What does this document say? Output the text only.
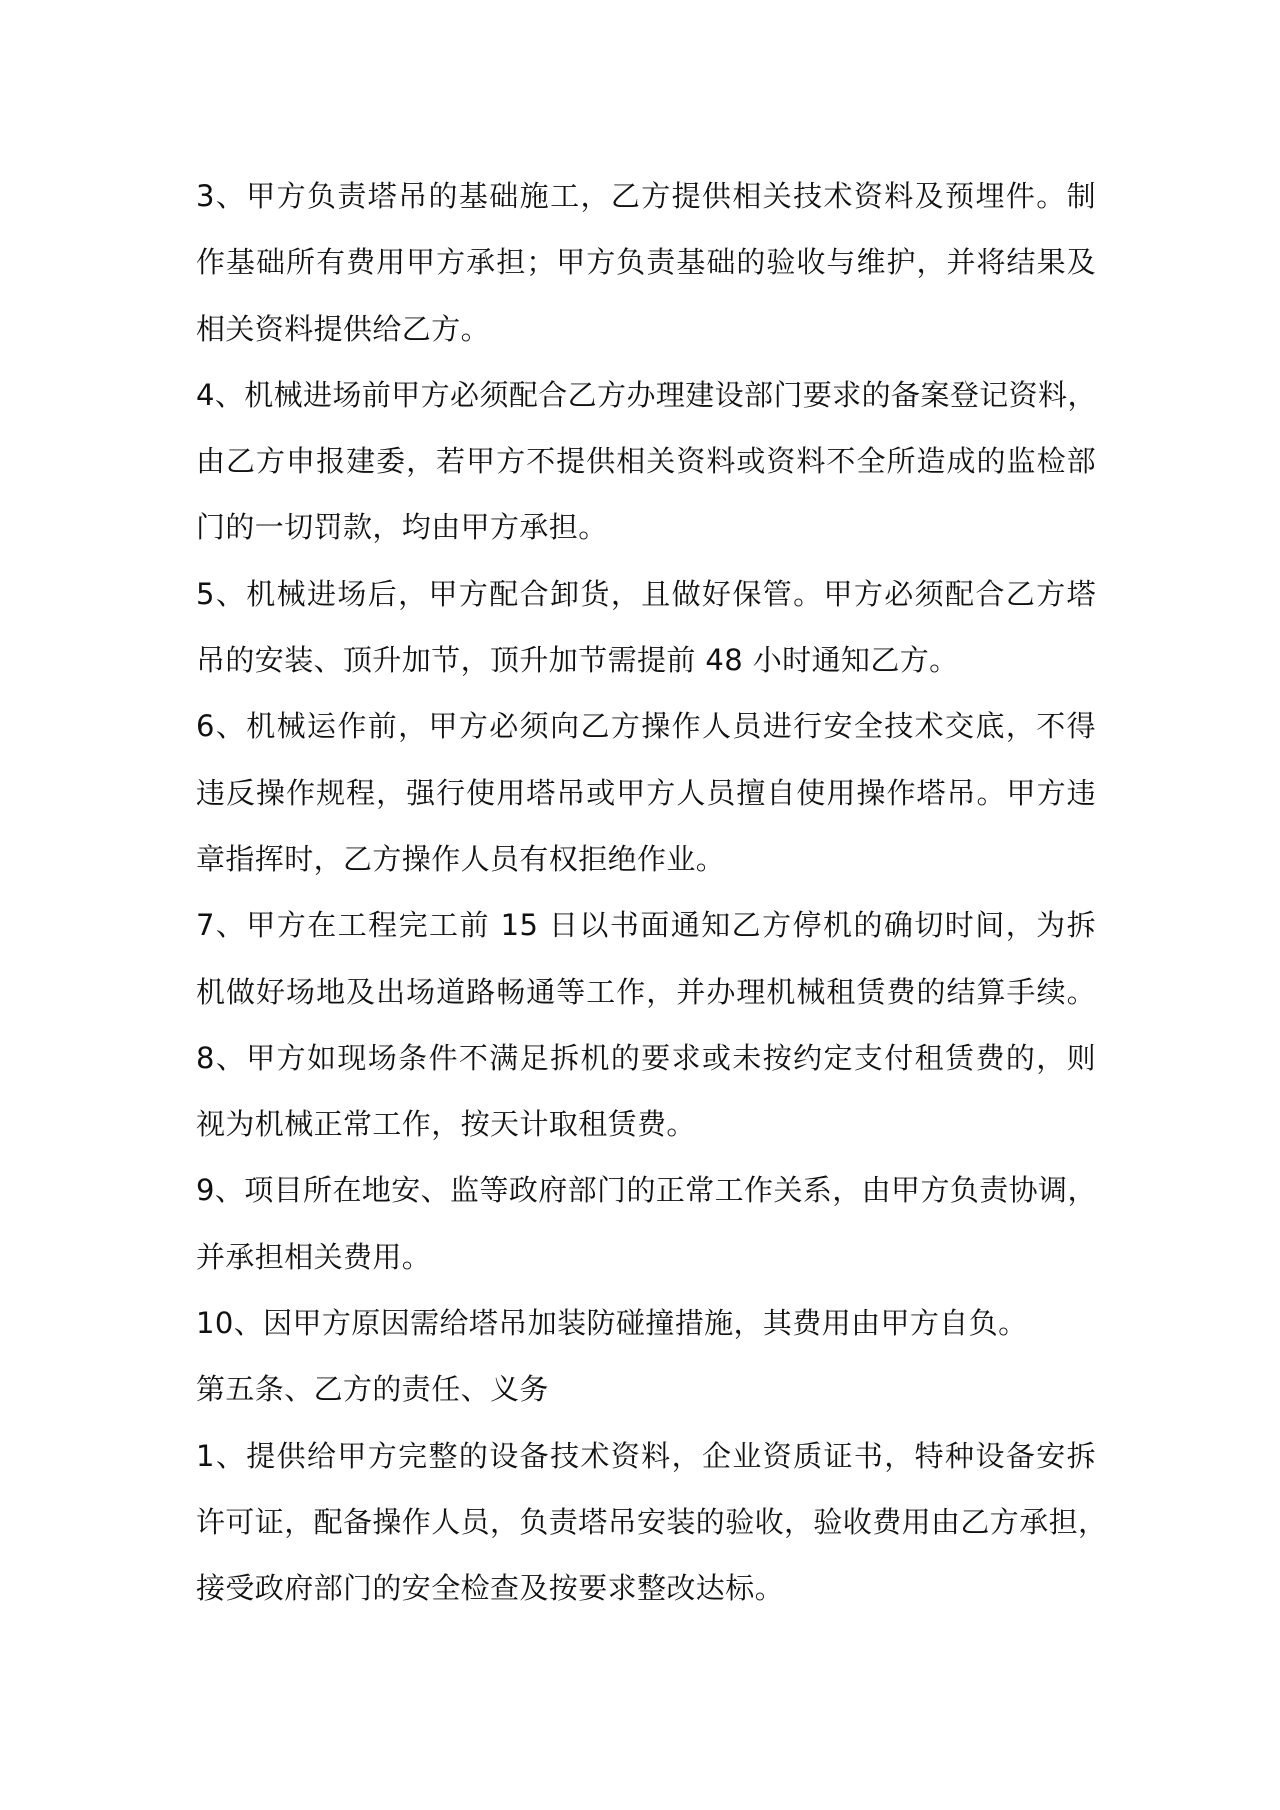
3、甲方负责塔吊的基础施工，乙方提供相关技术资料及预埋件。制
作基础所有费用甲方承担；甲方负责基础的验收与维护，并将结果及
相关资料提供给乙方。
4、机械进场前甲方必须配合乙方办理建设部门要求的备案登记资料，
由乙方申报建委，若甲方不提供相关资料或资料不全所造成的监检部
门的一切罚款，均由甲方承担。
5、机械进场后，甲方配合卸货，且做好保管。甲方必须配合乙方塔
吊的安装、顶升加节，顶升加节需提前 48 小时通知乙方。
6、机械运作前，甲方必须向乙方操作人员进行安全技术交底，不得
违反操作规程，强行使用塔吊或甲方人员擅自使用操作塔吊。甲方违
章指挥时，乙方操作人员有权拒绝作业。
7、甲方在工程完工前 15 日以书面通知乙方停机的确切时间，为拆
机做好场地及出场道路畅通等工作，并办理机械租赁费的结算手续。
8、甲方如现场条件不满足拆机的要求或未按约定支付租赁费的，则
视为机械正常工作，按天计取租赁费。
9、项目所在地安、监等政府部门的正常工作关系，由甲方负责协调，
并承担相关费用。
10、因甲方原因需给塔吊加装防碰撞措施，其费用由甲方自负。
第五条、乙方的责任、义务
1、提供给甲方完整的设备技术资料，企业资质证书，特种设备安拆
许可证，配备操作人员，负责塔吊安装的验收，验收费用由乙方承担，
接受政府部门的安全检查及按要求整改达标。
